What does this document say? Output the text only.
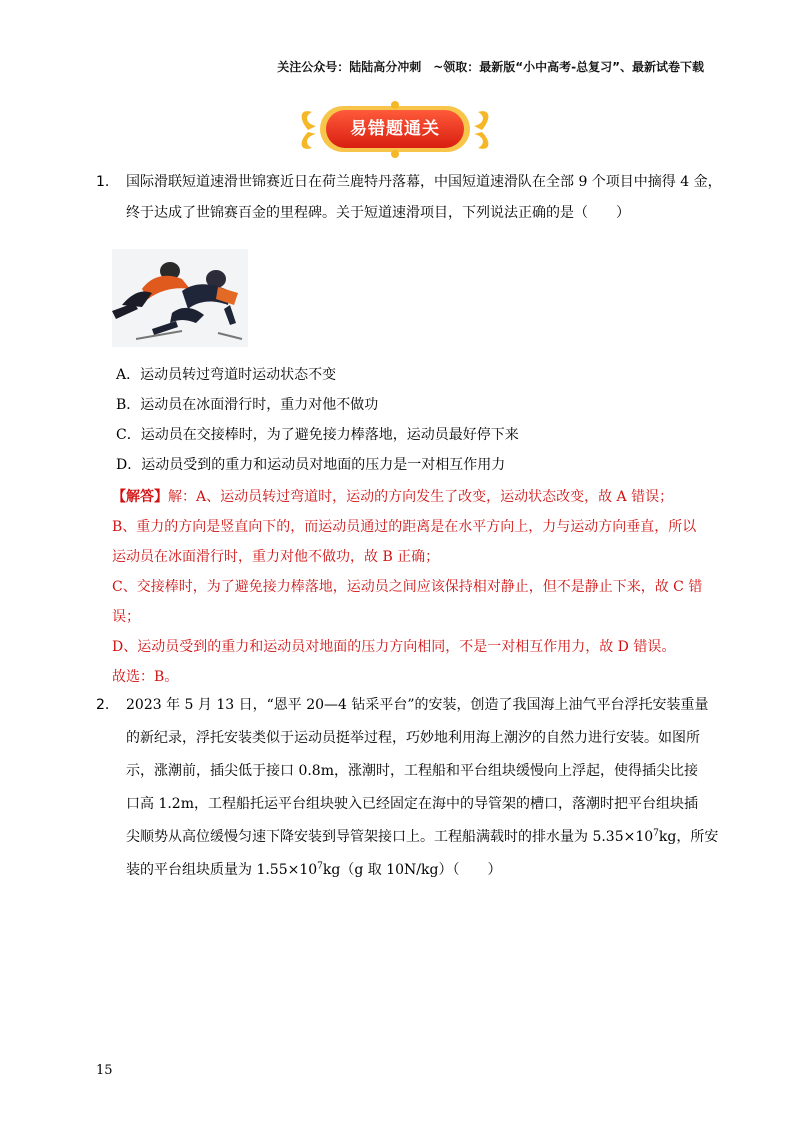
关注公众号：陆陆高分冲刺　~领取：最新版“小中高考-总复习”、最新试卷下载
易错题通关
1. 国际滑联短道速滑世锦赛近日在荷兰鹿特丹落幕，中国短道速滑队在全部 9 个项目中摘得 4 金，
终于达成了世锦赛百金的里程碑。关于短道速滑项目，下列说法正确的是（　　）
A．运动员转过弯道时运动状态不变
B．运动员在冰面滑行时，重力对他不做功
C．运动员在交接棒时，为了避免接力棒落地，运动员最好停下来
D．运动员受到的重力和运动员对地面的压力是一对相互作用力
【解答】解：A、运动员转过弯道时，运动的方向发生了改变，运动状态改变，故 A 错误；
B、重力的方向是竖直向下的，而运动员通过的距离是在水平方向上，力与运动方向垂直，所以
运动员在冰面滑行时，重力对他不做功，故 B 正确；
C、交接棒时，为了避免接力棒落地，运动员之间应该保持相对静止，但不是静止下来，故 C 错
误；
D、运动员受到的重力和运动员对地面的压力方向相同，不是一对相互作用力，故 D 错误。
故选：B。
2. 2023 年 5 月 13 日，“恩平 20—4 钻采平台”的安装，创造了我国海上油气平台浮托安装重量
的新纪录，浮托安装类似于运动员挺举过程，巧妙地利用海上潮汐的自然力进行安装。如图所
示，涨潮前，插尖低于接口 0.8m，涨潮时，工程船和平台组块缓慢向上浮起，使得插尖比接
口高 1.2m，工程船托运平台组块驶入已经固定在海中的导管架的槽口，落潮时把平台组块插
尖顺势从高位缓慢匀速下降安装到导管架接口上。工程船满载时的排水量为 $5.35\times 10^7kg$，所安
装的平台组块质量为 $1.55\times 10^7kg(g$ 取 10N/kg）（　　）
15
